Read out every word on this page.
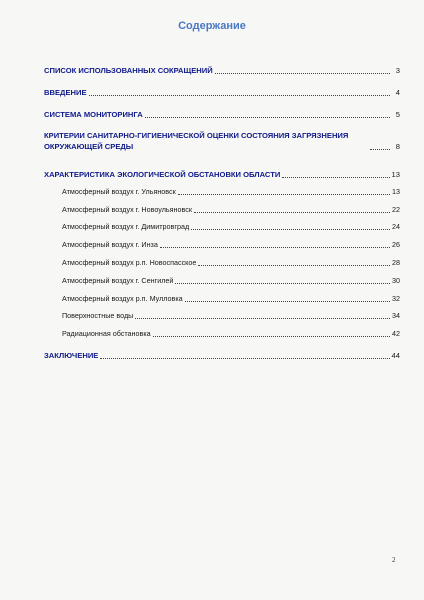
Содержание
СПИСОК ИСПОЛЬЗОВАННЫХ СОКРАЩЕНИЙ	3
ВВЕДЕНИЕ	4
СИСТЕМА МОНИТОРИНГА	5
КРИТЕРИИ САНИТАРНО-ГИГИЕНИЧЕСКОЙ ОЦЕНКИ СОСТОЯНИЯ ЗАГРЯЗНЕНИЯ ОКРУЖАЮЩЕЙ СРЕДЫ	8
ХАРАКТЕРИСТИКА ЭКОЛОГИЧЕСКОЙ ОБСТАНОВКИ ОБЛАСТИ	13
Атмосферный воздух г. Ульяновск	13
Атмосферный воздух г. Новоульяновск	22
Атмосферный воздух г. Димитровград	24
Атмосферный воздух г. Инза	26
Атмосферный воздух р.п. Новоспасское	28
Атмосферный воздух г. Сенгилей	30
Атмосферный воздух р.п. Мулловка	32
Поверхностные воды	34
Радиационная обстановка	42
ЗАКЛЮЧЕНИЕ	44
2
